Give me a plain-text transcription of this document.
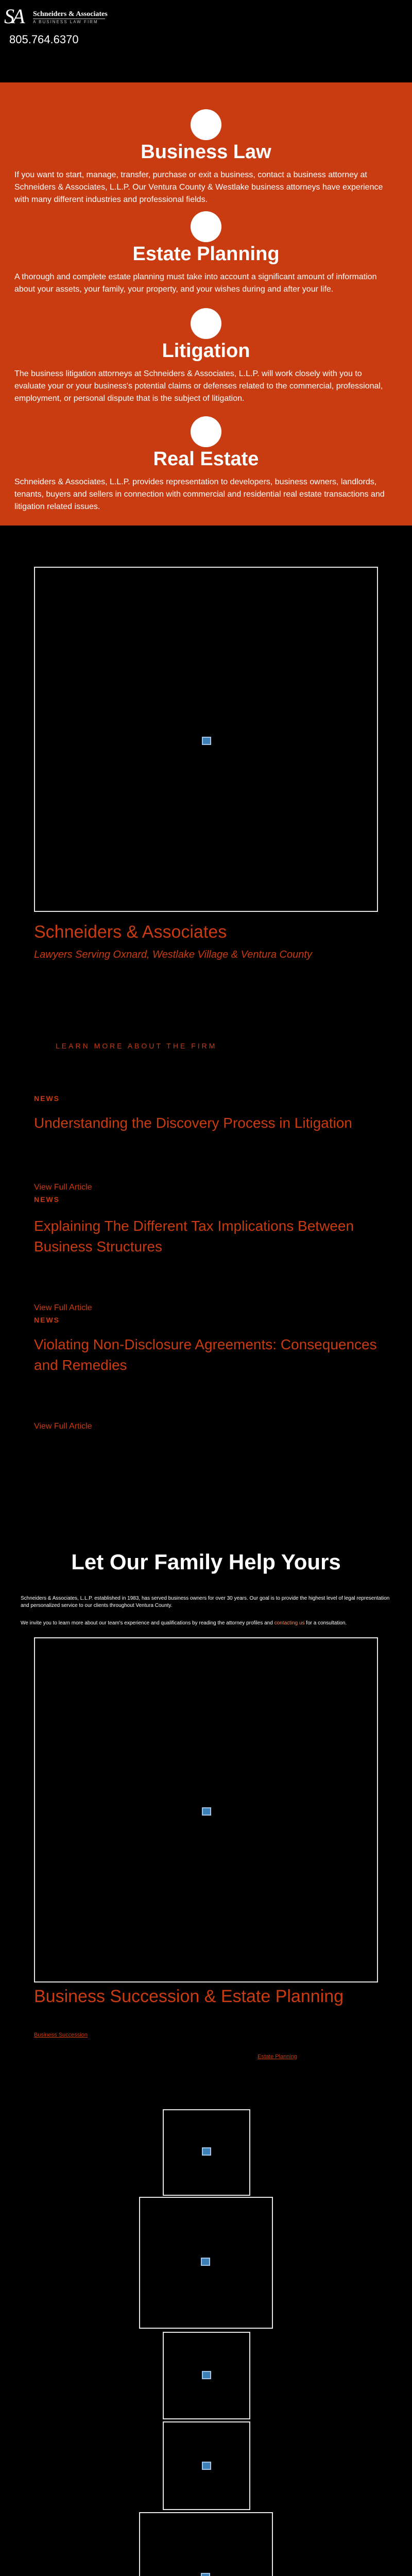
SA Schneiders & Associates
A BUSINESS LAW FIRM
805.764.6370
Business Law

If you want to start, manage, transfer, purchase or exit a business, contact a business attorney at Schneiders & Associates, L.L.P. Our Ventura County & Westlake business attorneys have experience with many different industries and professional fields.

Estate Planning

A thorough and complete estate planning must take into account a significant amount of information about your assets, your family, your property, and your wishes during and after your life.

Litigation

The business litigation attorneys at Schneiders & Associates, L.L.P. will work closely with you to evaluate your or your business's potential claims or defenses related to the commercial, professional, employment, or personal dispute that is the subject of litigation.

Real Estate

Schneiders & Associates, L.L.P. provides representation to developers, business owners, landlords, tenants, buyers and sellers in connection with commercial and residential real estate transactions and litigation related issues.

Schneiders & Associates
Lawyers Serving Oxnard, Westlake Village & Ventura County
LEARN MORE ABOUT THE FIRM
NEWS
Understanding the Discovery Process in Litigation
View Full Article
NEWS
Explaining The Different Tax Implications Between Business Structures
View Full Article
NEWS
Violating Non-Disclosure Agreements: Consequences and Remedies
View Full Article
Let Our Family Help Yours

Schneiders & Associates, L.L.P. established in 1983, has served business owners for over 30 years. Our goal is to provide the highest level of legal representation and personalized service to our clients throughout Ventura County.

We invite you to learn more about our team's experience and qualifications by reading the attorney profiles and contacting us for a consultation.

Business Succession & Estate Planning
Business Succession
Estate Planning
